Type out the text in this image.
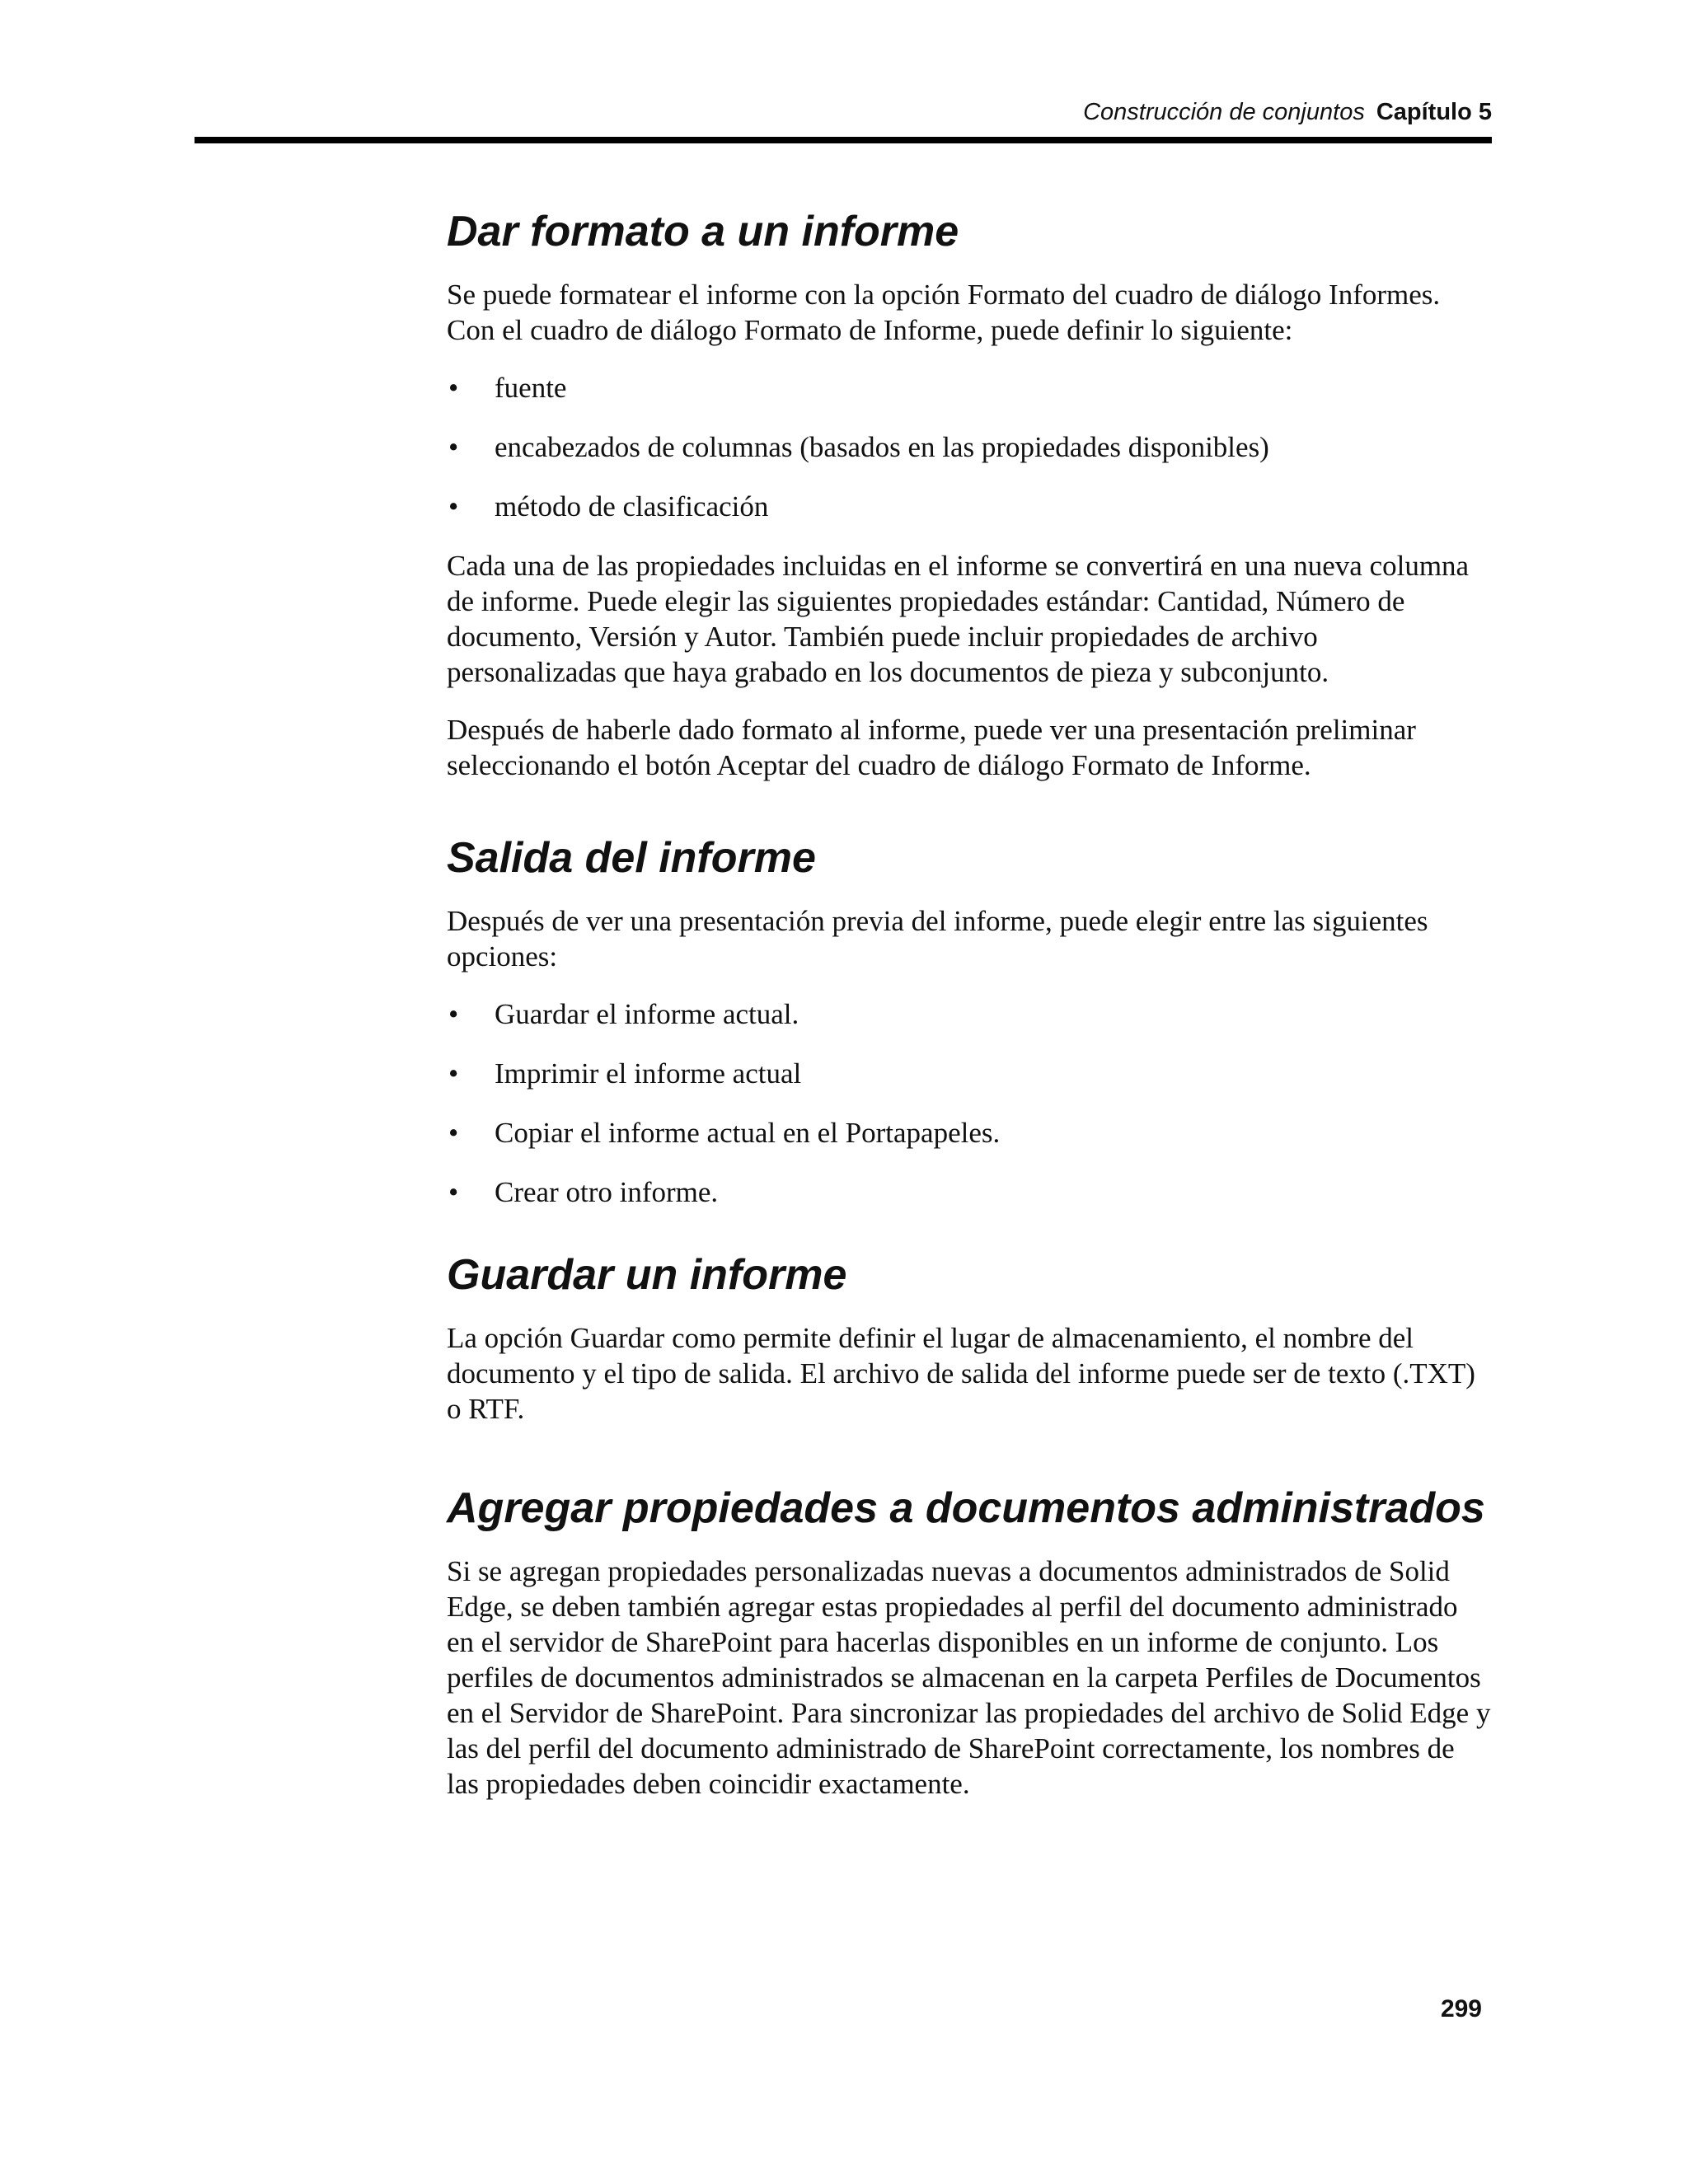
Construcción de conjuntos Capítulo 5
Dar formato a un informe

Se puede formatear el informe con la opción Formato del cuadro de diálogo Informes. Con el cuadro de diálogo Formato de Informe, puede definir lo siguiente:

• fuente
• encabezados de columnas (basados en las propiedades disponibles)
• método de clasificación

Cada una de las propiedades incluidas en el informe se convertirá en una nueva columna de informe. Puede elegir las siguientes propiedades estándar: Cantidad, Número de documento, Versión y Autor. También puede incluir propiedades de archivo personalizadas que haya grabado en los documentos de pieza y subconjunto.

Después de haberle dado formato al informe, puede ver una presentación preliminar seleccionando el botón Aceptar del cuadro de diálogo Formato de Informe.

Salida del informe

Después de ver una presentación previa del informe, puede elegir entre las siguientes opciones:

• Guardar el informe actual.
• Imprimir el informe actual
• Copiar el informe actual en el Portapapeles.
• Crear otro informe.
Guardar un informe

La opción Guardar como permite definir el lugar de almacenamiento, el nombre del documento y el tipo de salida. El archivo de salida del informe puede ser de texto (.TXT) o RTF.

Agregar propiedades a documentos administrados

Si se agregan propiedades personalizadas nuevas a documentos administrados de Solid Edge, se deben también agregar estas propiedades al perfil del documento administrado en el servidor de SharePoint para hacerlas disponibles en un informe de conjunto. Los perfiles de documentos administrados se almacenan en la carpeta Perfiles de Documentos en el Servidor de SharePoint. Para sincronizar las propiedades del archivo de Solid Edge y las del perfil del documento administrado de SharePoint correctamente, los nombres de las propiedades deben coincidir exactamente.

299
